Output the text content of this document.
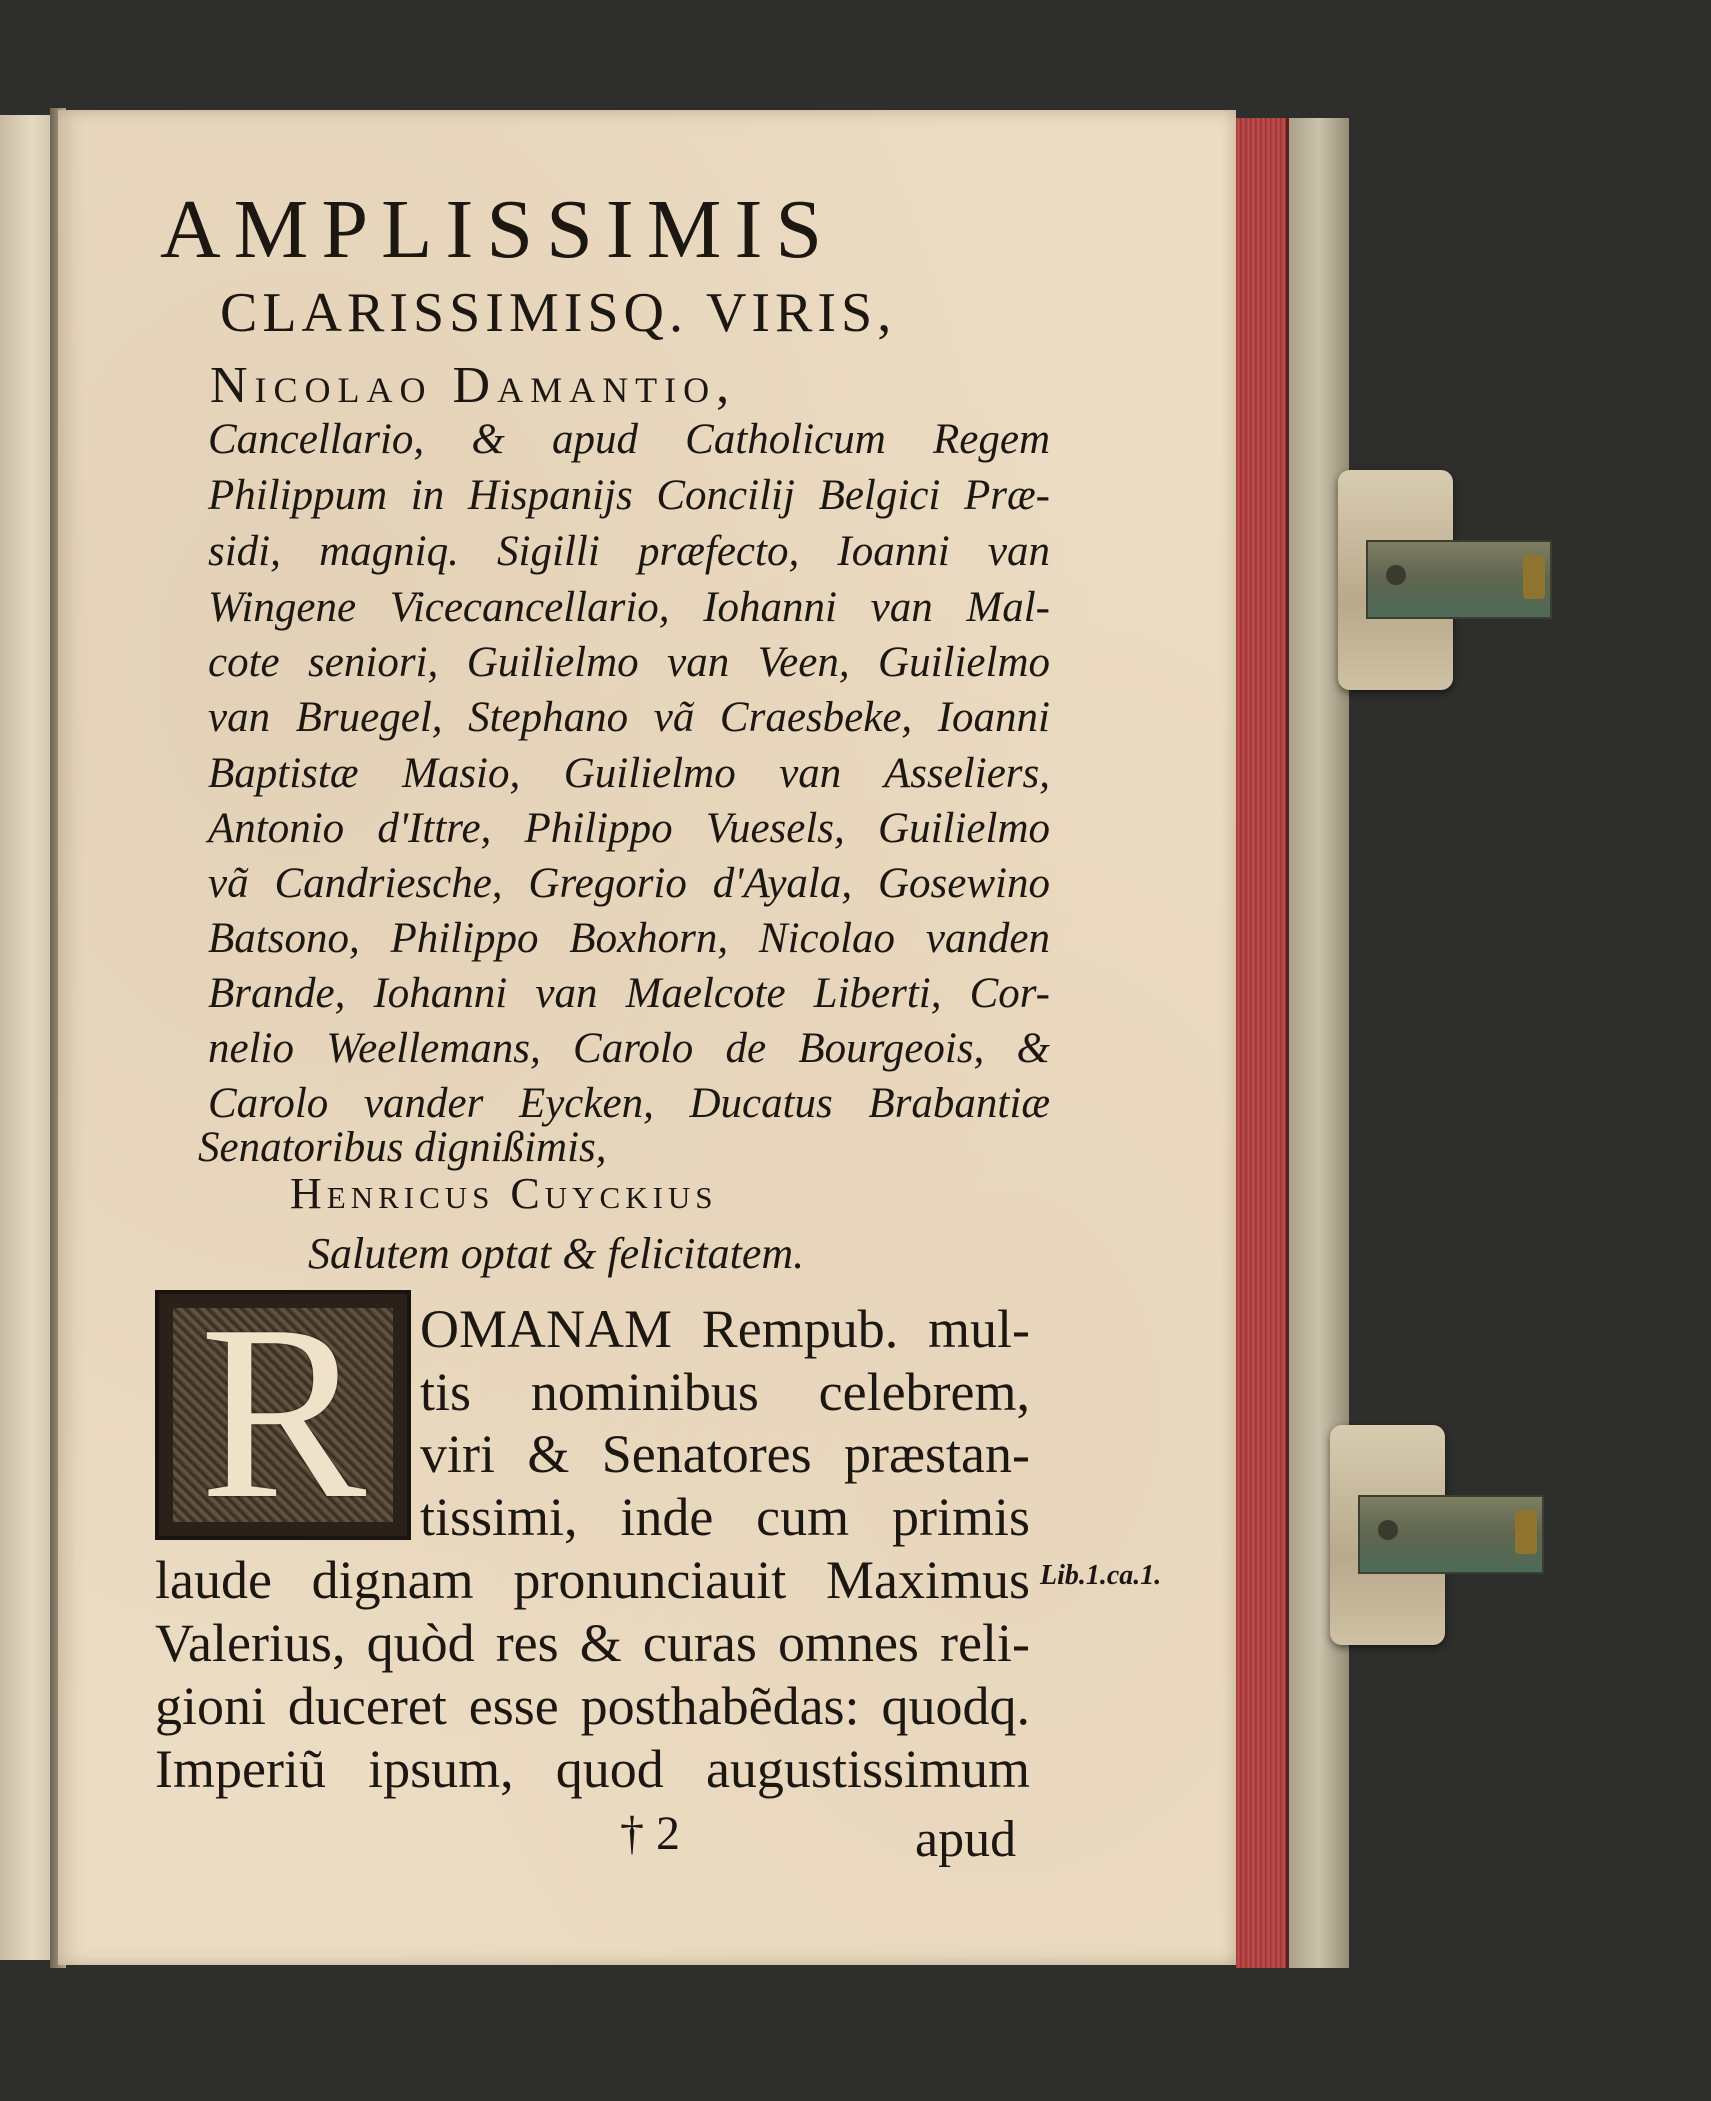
AMPLISSIMIS
CLARISSIMISQ. VIRIS,
Nicolao Damantio,
Cancellario, & apud Catholicum Regem
Philippum in Hispanijs Concilij Belgici Præ-
sidi, magniq. Sigilli præfecto, Ioanni van
Wingene Vicecancellario, Iohanni van Mal-
cote seniori, Guilielmo van Veen, Guilielmo
van Bruegel, Stephano vã Craesbeke, Ioanni
Baptistæ Masio, Guilielmo van Asseliers,
Antonio d'Ittre, Philippo Vuesels, Guilielmo
vã Candriesche, Gregorio d'Ayala, Gosewino
Batsono, Philippo Boxhorn, Nicolao vanden
Brande, Iohanni van Maelcote Liberti, Cor-
nelio Weellemans, Carolo de Bourgeois, &
Carolo vander Eycken, Ducatus Brabantiæ
Senatoribus dignißimis,
Henricus Cuyckius
Salutem optat & felicitatem.
R OMANAM Rempub. mul-
tis nominibus celebrem,
viri & Senatores præstan-
tissimi, inde cum primis
laude dignam pronunciauit Maximus
Valerius, quòd res & curas omnes reli-
gioni duceret esse posthabẽdas: quodq.
Imperiũ ipsum, quod augustissimum
Lib.1.ca.1.
† 2	apud
